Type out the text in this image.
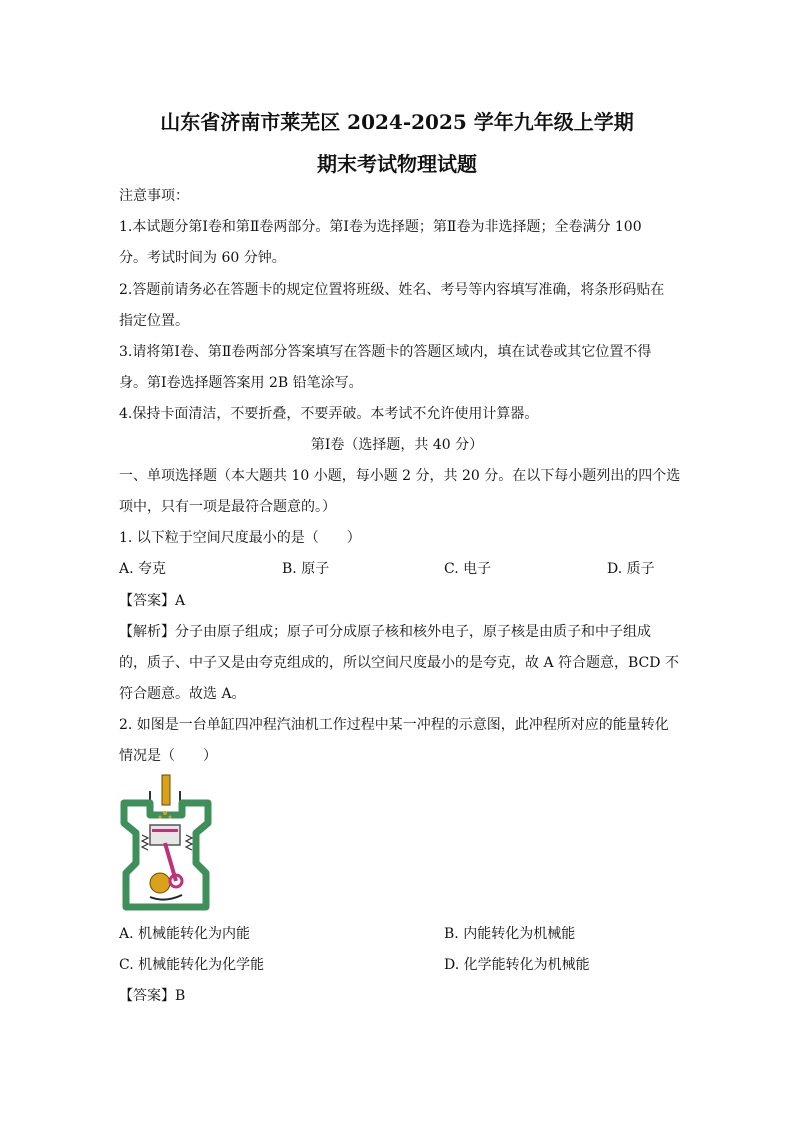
山东省济南市莱芜区 2024-2025 学年九年级上学期
期末考试物理试题
注意事项：
1.本试题分第Ⅰ卷和第Ⅱ卷两部分。第Ⅰ卷为选择题；第Ⅱ卷为非选择题；全卷满分 100
分。考试时间为 60 分钟。
2.答题前请务必在答题卡的规定位置将班级、姓名、考号等内容填写准确，将条形码贴在
指定位置。
3.请将第Ⅰ卷、第Ⅱ卷两部分答案填写在答题卡的答题区域内，填在试卷或其它位置不得
身。第Ⅰ卷选择题答案用 2B 铅笔涂写。
4.保持卡面清洁，不要折叠，不要弄破。本考试不允许使用计算器。
第Ⅰ卷（选择题，共 40 分）
一、单项选择题（本大题共 10 小题，每小题 2 分，共 20 分。在以下每小题列出的四个选
项中，只有一项是最符合题意的。）
1. 以下粒于空间尺度最小的是（　　）
A. 夸克	B. 原子	C. 电子	D. 质子
【答案】A
【解析】分子由原子组成；原子可分成原子核和核外电子，原子核是由质子和中子组成
的，质子、中子又是由夸克组成的，所以空间尺度最小的是夸克，故 A 符合题意，BCD 不
符合题意。故选 A。
2. 如图是一台单缸四冲程汽油机工作过程中某一冲程的示意图，此冲程所对应的能量转化
情况是（　　）
A. 机械能转化为内能	B. 内能转化为机械能
C. 机械能转化为化学能	D. 化学能转化为机械能
【答案】B
